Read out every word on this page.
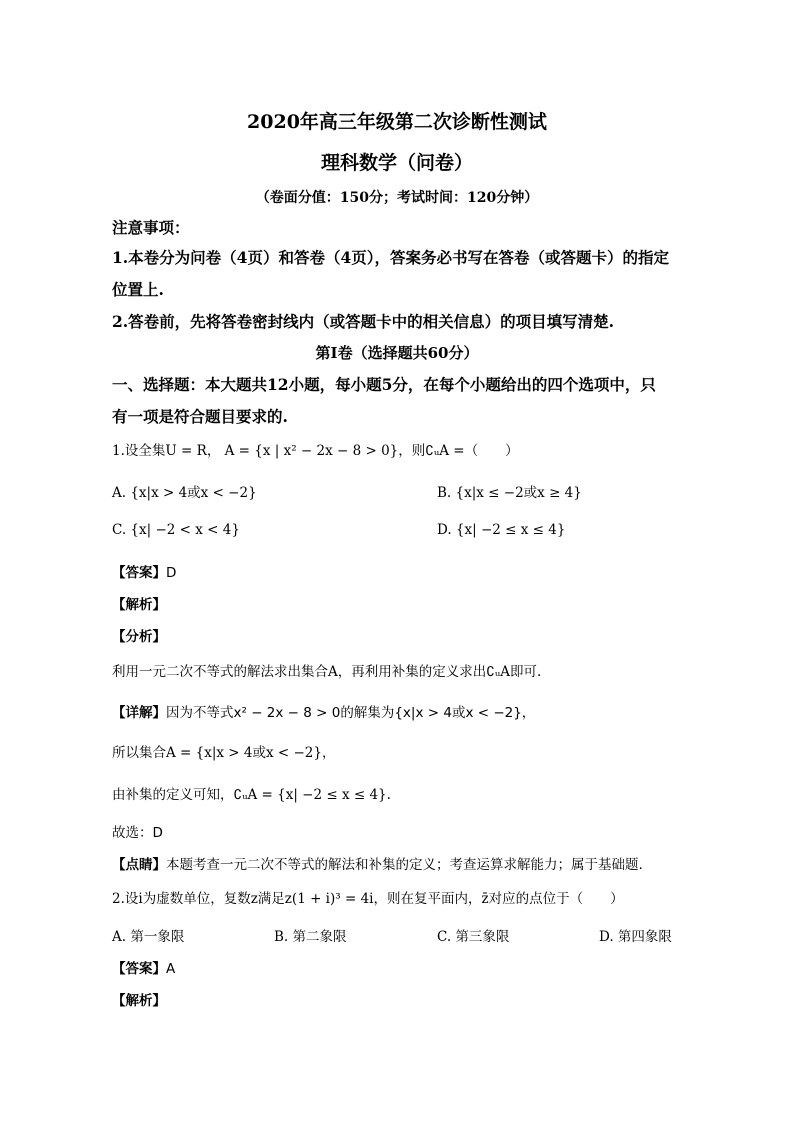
2020年高三年级第二次诊断性测试
理科数学（问卷）
（卷面分值：150分；考试时间：120分钟）
注意事项：
1.本卷分为问卷（4页）和答卷（4页），答案务必书写在答卷（或答题卡）的指定
位置上.
2.答卷前，先将答卷密封线内（或答题卡中的相关信息）的项目填写清楚.
第Ⅰ卷（选择题共60分）
一、选择题：本大题共12小题，每小题5分，在每个小题给出的四个选项中，只
有一项是符合题目要求的.
1.设全集U = R， A = {x | x² − 2x − 8 > 0}，则∁ᵤA =（　　）
A. {x|x > 4或x < −2}	B. {x|x ≤ −2或x ≥ 4}
C. {x| −2 < x < 4}	D. {x| −2 ≤ x ≤ 4}
【答案】D
【解析】
【分析】
利用一元二次不等式的解法求出集合A，再利用补集的定义求出∁ᵤA即可.
【详解】因为不等式x² − 2x − 8 > 0的解集为{x|x > 4或x < −2}，
所以集合A = {x|x > 4或x < −2}，
由补集的定义可知，∁ᵤA = {x| −2 ≤ x ≤ 4}.
故选：D
【点睛】本题考查一元二次不等式的解法和补集的定义；考查运算求解能力；属于基础题.
2.设i为虚数单位，复数z满足z(1 + i)³ = 4i，则在复平面内，z̄对应的点位于（　　）
A. 第一象限	B. 第二象限	C. 第三象限	D. 第四象限
【答案】A
【解析】
